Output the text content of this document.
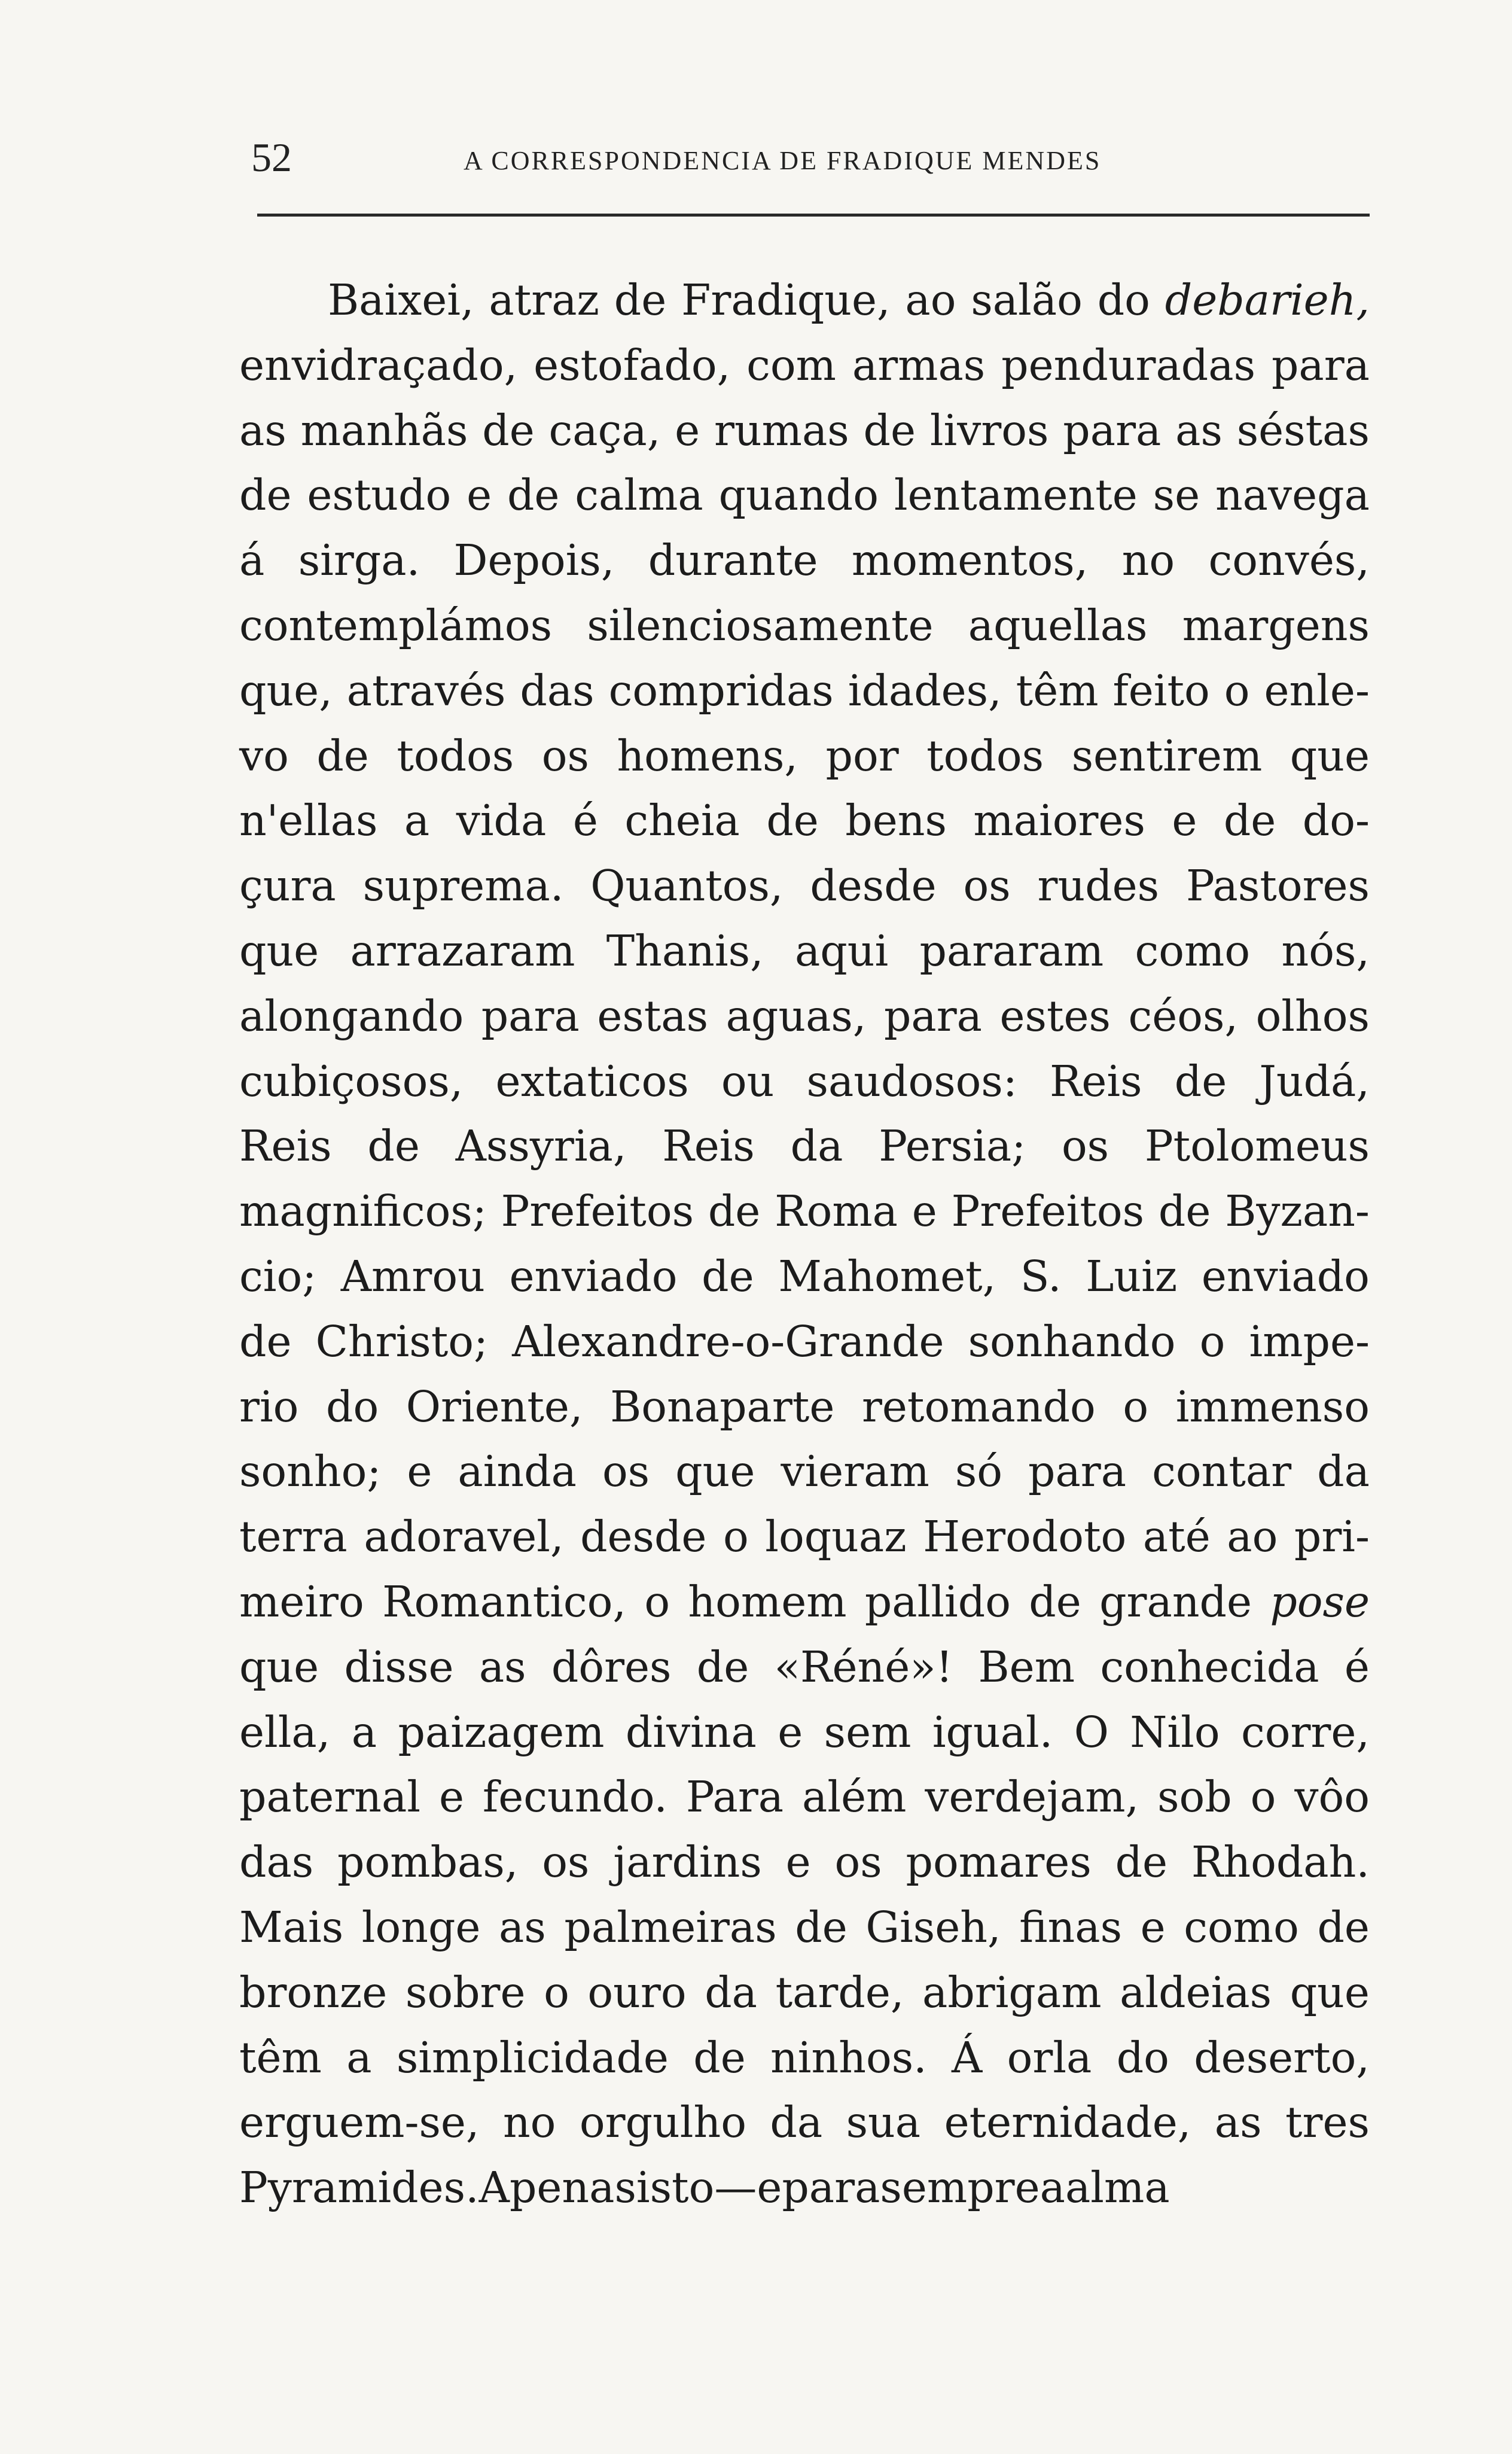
52	A CORRESPONDENCIA DE FRADIQUE MENDES
Baixei, atraz de Fradique, ao salão do debarieh,
envidraçado, estofado, com armas penduradas para
as manhãs de caça, e rumas de livros para as séstas
de estudo e de calma quando lentamente se navega
á sirga. Depois, durante momentos, no convés,
contemplámos silenciosamente aquellas margens
que, através das compridas idades, têm feito o enle-
vo de todos os homens, por todos sentirem que
n'ellas a vida é cheia de bens maiores e de do-
çura suprema. Quantos, desde os rudes Pastores
que arrazaram Thanis, aqui pararam como nós,
alongando para estas aguas, para estes céos, olhos
cubiçosos, extaticos ou saudosos: Reis de Judá,
Reis de Assyria, Reis da Persia; os Ptolomeus
magnificos; Prefeitos de Roma e Prefeitos de Byzan-
cio; Amrou enviado de Mahomet, S. Luiz enviado
de Christo; Alexandre-o-Grande sonhando o impe-
rio do Oriente, Bonaparte retomando o immenso
sonho; e ainda os que vieram só para contar da
terra adoravel, desde o loquaz Herodoto até ao pri-
meiro Romantico, o homem pallido de grande pose
que disse as dôres de «Réné»! Bem conhecida é
ella, a paizagem divina e sem igual. O Nilo corre,
paternal e fecundo. Para além verdejam, sob o vôo
das pombas, os jardins e os pomares de Rhodah.
Mais longe as palmeiras de Giseh, finas e como de
bronze sobre o ouro da tarde, abrigam aldeias que
têm a simplicidade de ninhos. Á orla do deserto,
erguem-se, no orgulho da sua eternidade, as tres
Pyramides. Apenas isto — e para sempre a alma
